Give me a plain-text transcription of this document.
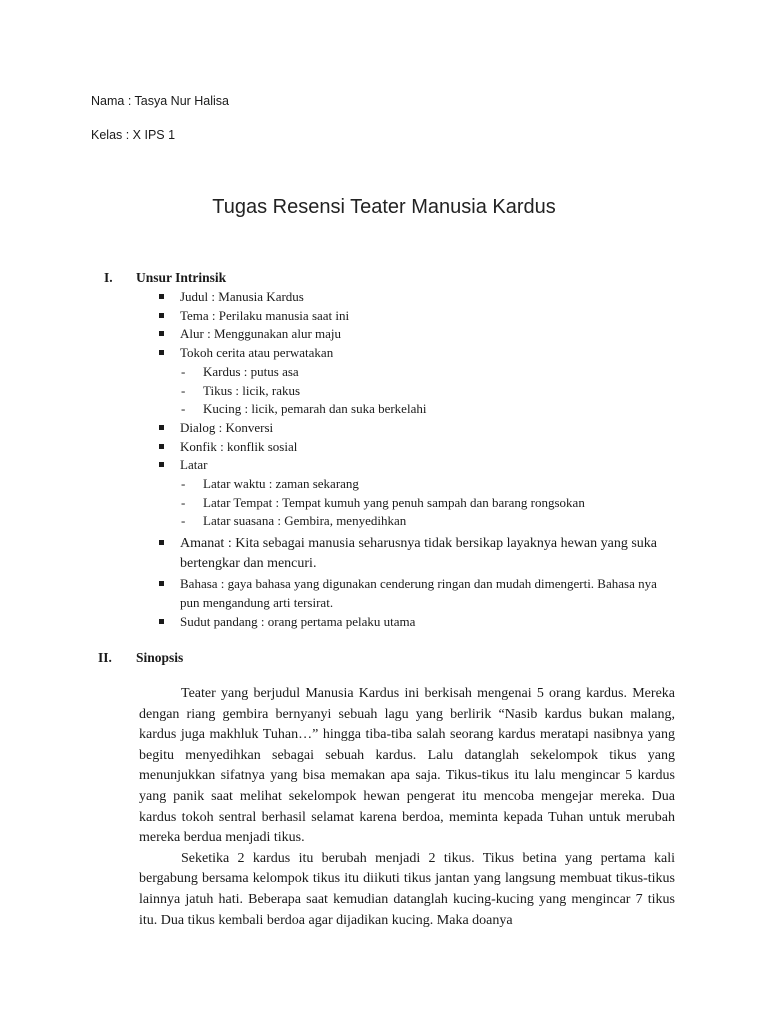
Nama : Tasya Nur Halisa
Kelas : X IPS 1
Tugas Resensi Teater Manusia Kardus
I. Unsur Intrinsik
Judul : Manusia Kardus
Tema : Perilaku manusia saat ini
Alur : Menggunakan alur maju
Tokoh cerita atau perwatakan
- Kardus : putus asa
- Tikus : licik, rakus
- Kucing : licik, pemarah dan suka berkelahi
Dialog : Konversi
Konfik : konflik sosial
Latar
- Latar waktu : zaman sekarang
- Latar Tempat : Tempat kumuh yang penuh sampah dan barang rongsokan
- Latar suasana : Gembira, menyedihkan
Amanat : Kita sebagai manusia seharusnya tidak bersikap layaknya hewan yang suka bertengkar dan mencuri.
Bahasa : gaya bahasa yang digunakan cenderung ringan dan mudah dimengerti. Bahasa nya pun mengandung arti tersirat.
Sudut pandang : orang pertama pelaku utama
II. Sinopsis

Teater yang berjudul Manusia Kardus ini berkisah mengenai 5 orang kardus. Mereka dengan riang gembira bernyanyi sebuah lagu yang berlirik “Nasib kardus bukan malang, kardus juga makhluk Tuhan…” hingga tiba-tiba salah seorang kardus meratapi nasibnya yang begitu menyedihkan sebagai sebuah kardus. Lalu datanglah sekelompok tikus yang menunjukkan sifatnya yang bisa memakan apa saja. Tikus-tikus itu lalu mengincar 5 kardus yang panik saat melihat sekelompok hewan pengerat itu mencoba mengejar mereka. Dua kardus tokoh sentral berhasil selamat karena berdoa, meminta kepada Tuhan untuk merubah mereka berdua menjadi tikus.

Seketika 2 kardus itu berubah menjadi 2 tikus. Tikus betina yang pertama kali bergabung bersama kelompok tikus itu diikuti tikus jantan yang langsung membuat tikus-tikus lainnya jatuh hati. Beberapa saat kemudian datanglah kucing-kucing yang mengincar 7 tikus itu. Dua tikus kembali berdoa agar dijadikan kucing. Maka doanya
